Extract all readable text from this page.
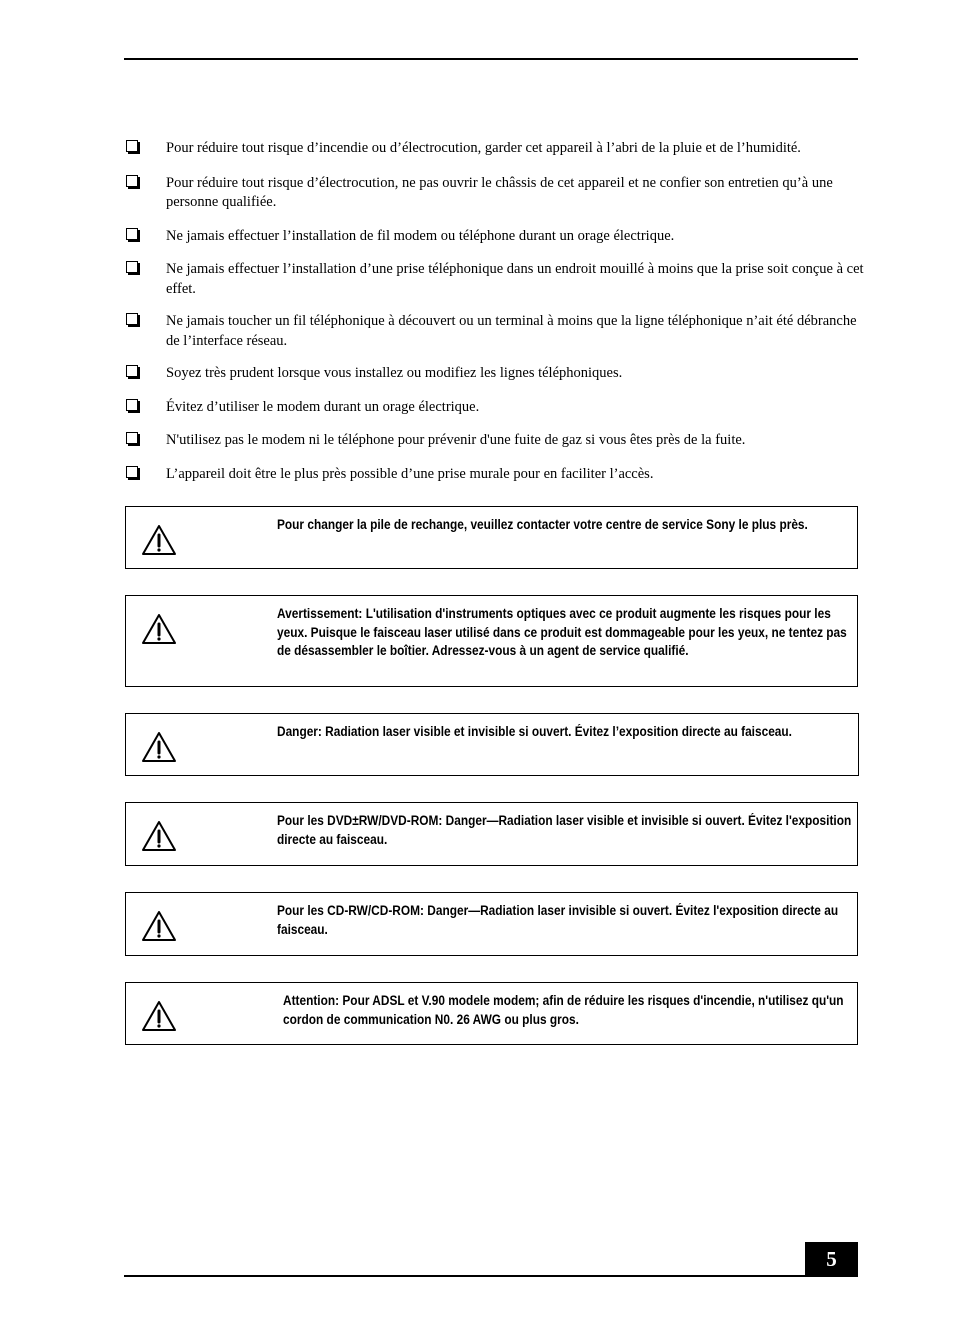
Pour réduire tout risque d’incendie ou d’électrocution, garder cet appareil à l’abri de la pluie et de l’humidité.
Pour réduire tout risque d’électrocution, ne pas ouvrir le châssis de cet appareil et ne confier son entretien qu’à une personne qualifiée.
Ne jamais effectuer l’installation de fil modem ou téléphone durant un orage électrique.
Ne jamais effectuer l’installation d’une prise téléphonique dans un endroit mouillé à moins que la prise soit conçue à cet effet.
Ne jamais toucher un fil téléphonique à découvert ou un terminal à moins que la ligne téléphonique n’ait été débranche de l’interface réseau.
Soyez très prudent lorsque vous installez ou modifiez les lignes téléphoniques.
Évitez d’utiliser le modem durant un orage électrique.
N'utilisez pas le modem ni le téléphone pour prévenir d'une fuite de gaz si vous êtes près de la fuite.
L’appareil doit être le plus près possible d’une prise murale pour en faciliter l’accès.
Pour changer la pile de rechange, veuillez contacter votre centre de service Sony le plus près.
Avertissement: L'utilisation d'instruments optiques avec ce produit augmente les risques pour les yeux. Puisque le faisceau laser utilisé dans ce produit est dommageable pour les yeux, ne tentez pas de désassembler le boîtier. Adressez-vous à un agent de service qualifié.
Danger: Radiation laser visible et invisible si ouvert. Évitez l’exposition directe au faisceau.
Pour les DVD±RW/DVD-ROM: Danger—Radiation laser visible et invisible si ouvert. Évitez l'exposition directe au faisceau.
Pour les CD-RW/CD-ROM: Danger—Radiation laser invisible si ouvert. Évitez l'exposition directe au faisceau.
Attention: Pour ADSL et V.90 modele modem; afin de réduire les risques d'incendie, n'utilisez qu'un cordon de communication N0. 26 AWG ou plus gros.
5
